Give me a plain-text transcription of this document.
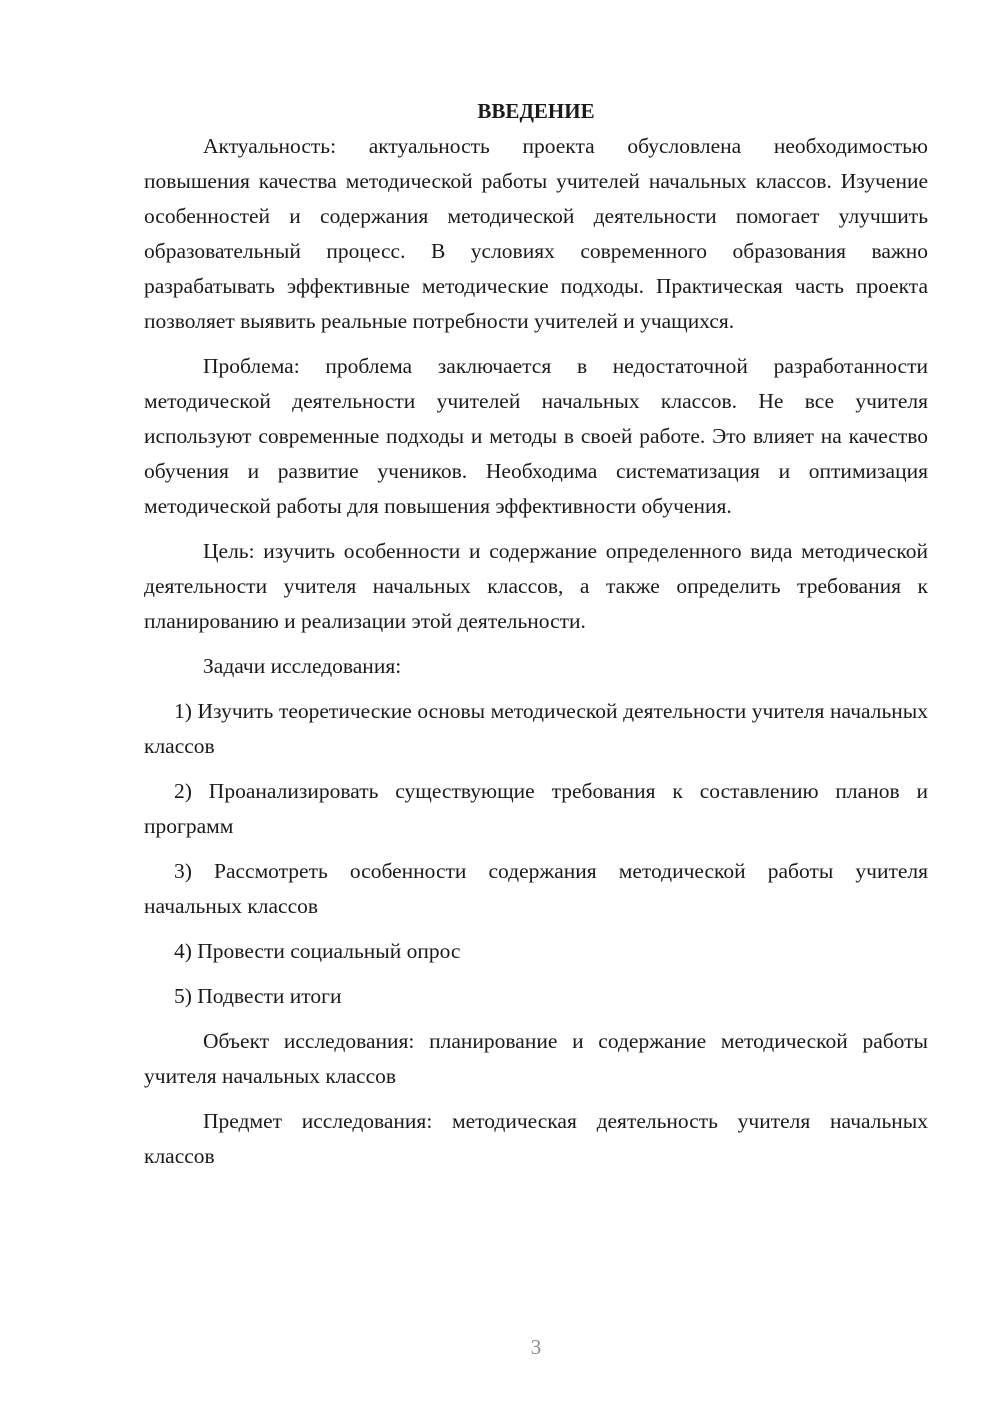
ВВЕДЕНИЕ

Актуальность: актуальность проекта обусловлена необходимостью повышения качества методической работы учителей начальных классов. Изучение особенностей и содержания методической деятельности помогает улучшить образовательный процесс. В условиях современного образования важно разрабатывать эффективные методические подходы. Практическая часть проекта позволяет выявить реальные потребности учителей и учащихся.

Проблема: проблема заключается в недостаточной разработанности методической деятельности учителей начальных классов. Не все учителя используют современные подходы и методы в своей работе. Это влияет на качество обучения и развитие учеников. Необходима систематизация и оптимизация методической работы для повышения эффективности обучения.

Цель: изучить особенности и содержание определенного вида методической деятельности учителя начальных классов, а также определить требования к планированию и реализации этой деятельности.

Задачи исследования:

1) Изучить теоретические основы методической деятельности учителя начальных классов

2) Проанализировать существующие требования к составлению планов и программ

3) Рассмотреть особенности содержания методической работы учителя начальных классов

4) Провести социальный опрос

5) Подвести итоги

Объект исследования: планирование и содержание методической работы учителя начальных классов

Предмет исследования: методическая деятельность учителя начальных классов

3
